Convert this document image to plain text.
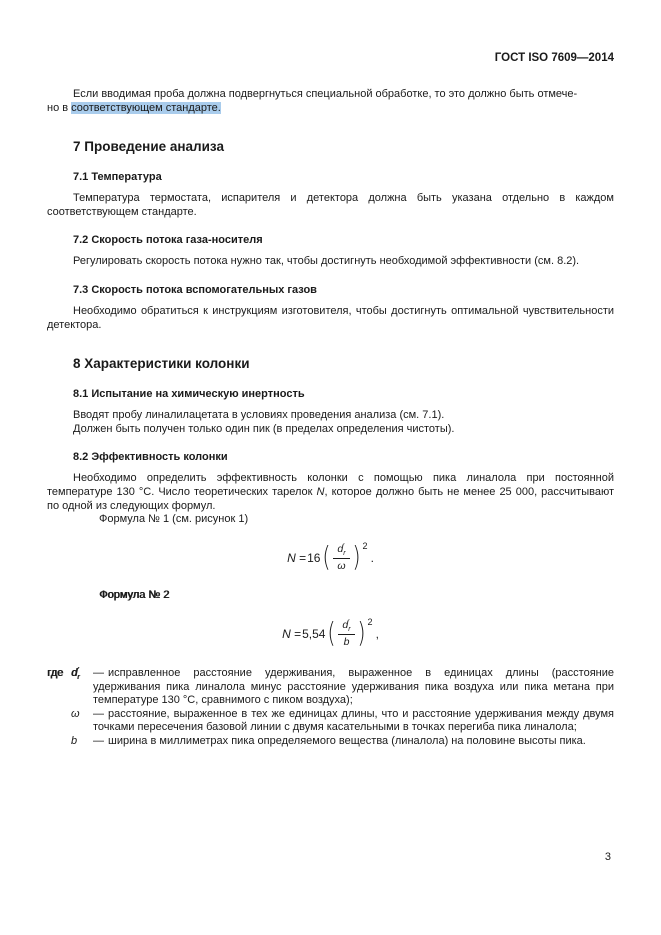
ГОСТ ISO 7609—2014

Если вводимая проба должна подвергнуться специальной обработке, то это должно быть отмече-
но в соответствующем стандарте.

7 Проведение анализа
7.1 Температура

Температура термостата, испарителя и детектора должна быть указана отдельно в каждом соответствующем стандарте.

7.2 Скорость потока газа-носителя

Регулировать скорость потока нужно так, чтобы достигнуть необходимой эффективности (см. 8.2).

7.3 Скорость потока вспомогательных газов

Необходимо обратиться к инструкциям изготовителя, чтобы достигнуть оптимальной чувствительности детектора.

8 Характеристики колонки
8.1 Испытание на химическую инертность

Вводят пробу линалилацетата в условиях проведения анализа (см. 7.1).

Должен быть получен только один пик (в пределах определения чистоты).

8.2 Эффективность колонки

Необходимо определить эффективность колонки с помощью пика линалола при постоянной температуре 130 °С. Число теоретических тарелок N, которое должно быть не менее 25 000, рассчитывают по одной из следующих формул.

Формула № 1 (см. рисунок 1)

N =16( d ′
r
ω ) $^2$.

Формула № 2

N =5,54( d ′
r
b ) $^2$,
где d ′
r — исправленное расстояние удерживания, выраженное в единицах длины (расстояние удерживания пика линалола минус расстояние удерживания пика воздуха или пика метана при температуре 130 °С, сравнимого с пиком воздуха);
ω	— расстояние, выраженное в тех же единицах длины, что и расстояние удерживания между двумя точками пересечения базовой линии с двумя касательными в точках перегиба пика линалола;
b	— ширина в миллиметрах пика определяемого вещества (линалола) на половине высоты пика.
3
